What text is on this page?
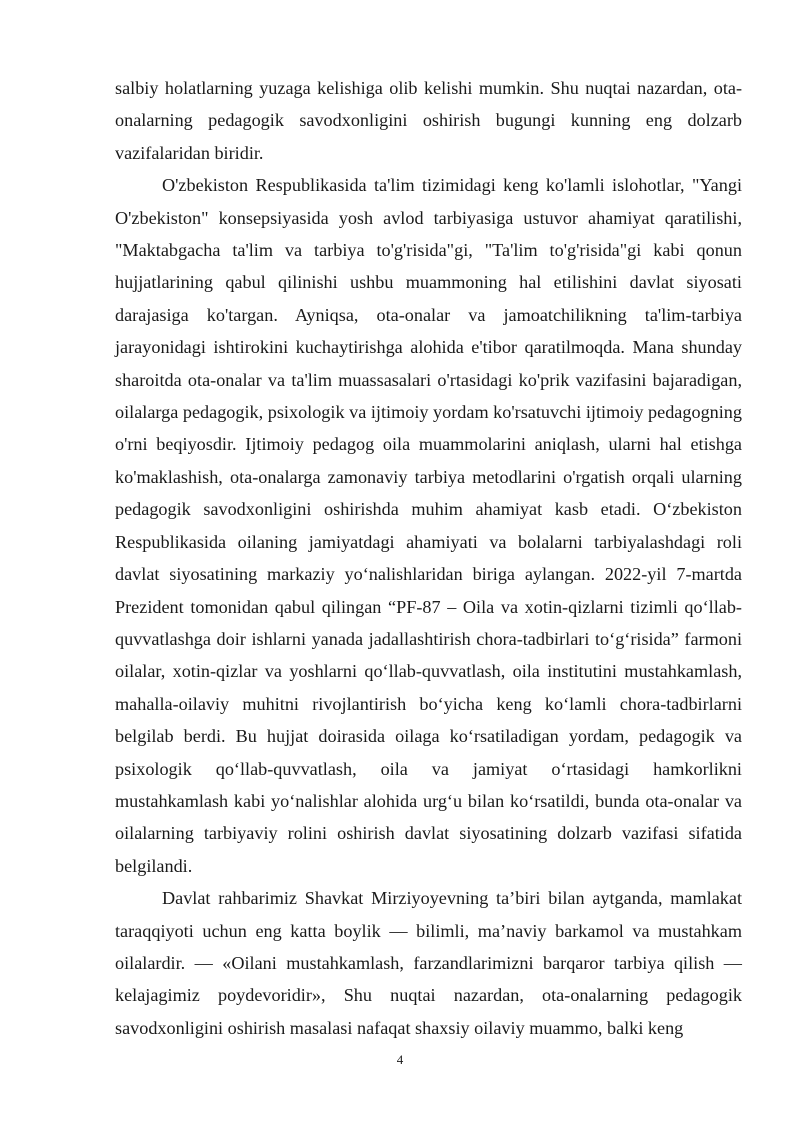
salbiy holatlarning yuzaga kelishiga olib kelishi mumkin. Shu nuqtai nazardan, ota-onalarning pedagogik savodxonligini oshirish bugungi kunning eng dolzarb vazifalaridan biridir.

O'zbekiston Respublikasida ta'lim tizimidagi keng ko'lamli islohotlar, "Yangi O'zbekiston" konsepsiyasida yosh avlod tarbiyasiga ustuvor ahamiyat qaratilishi, "Maktabgacha ta'lim va tarbiya to'g'risida"gi, "Ta'lim to'g'risida"gi kabi qonun hujjatlarining qabul qilinishi ushbu muammoning hal etilishini davlat siyosati darajasiga ko'targan. Ayniqsa, ota-onalar va jamoatchilikning ta'lim-tarbiya jarayonidagi ishtirokini kuchaytirishga alohida e'tibor qaratilmoqda. Mana shunday sharoitda ota-onalar va ta'lim muassasalari o'rtasidagi ko'prik vazifasini bajaradigan, oilalarga pedagogik, psixologik va ijtimoiy yordam ko'rsatuvchi ijtimoiy pedagogning o'rni beqiyosdir. Ijtimoiy pedagog oila muammolarini aniqlash, ularni hal etishga ko'maklashish, ota-onalarga zamonaviy tarbiya metodlarini o'rgatish orqali ularning pedagogik savodxonligini oshirishda muhim ahamiyat kasb etadi. O‘zbekiston Respublikasida oilaning jamiyatdagi ahamiyati va bolalarni tarbiyalashdagi roli davlat siyosatining markaziy yo‘nalishlaridan biriga aylangan. 2022-yil 7-martda Prezident tomonidan qabul qilingan “PF-87 – Oila va xotin-qizlarni tizimli qo‘llab-quvvatlashga doir ishlarni yanada jadallashtirish chora-tadbirlari to‘g‘risida” farmoni oilalar, xotin-qizlar va yoshlarni qo‘llab-quvvatlash, oila institutini mustahkamlash, mahalla-oilaviy muhitni rivojlantirish bo‘yicha keng ko‘lamli chora-tadbirlarni belgilab berdi. Bu hujjat doirasida oilaga ko‘rsatiladigan yordam, pedagogik va psixologik qo‘llab-quvvatlash, oila va jamiyat o‘rtasidagi hamkorlikni mustahkamlash kabi yo‘nalishlar alohida urg‘u bilan ko‘rsatildi, bunda ota-onalar va oilalarning tarbiyaviy rolini oshirish davlat siyosatining dolzarb vazifasi sifatida belgilandi.

Davlat rahbarimiz Shavkat Mirziyoyevning ta’biri bilan aytganda, mamlakat taraqqiyoti uchun eng katta boylik — bilimli, ma’naviy barkamol va mustahkam oilalardir. — «Oilani mustahkamlash, farzandlarimizni barqaror tarbiya qilish — kelajagimiz poydevoridir», Shu nuqtai nazardan, ota-onalarning pedagogik savodxonligini oshirish masalasi nafaqat shaxsiy oilaviy muammo, balki keng

4
